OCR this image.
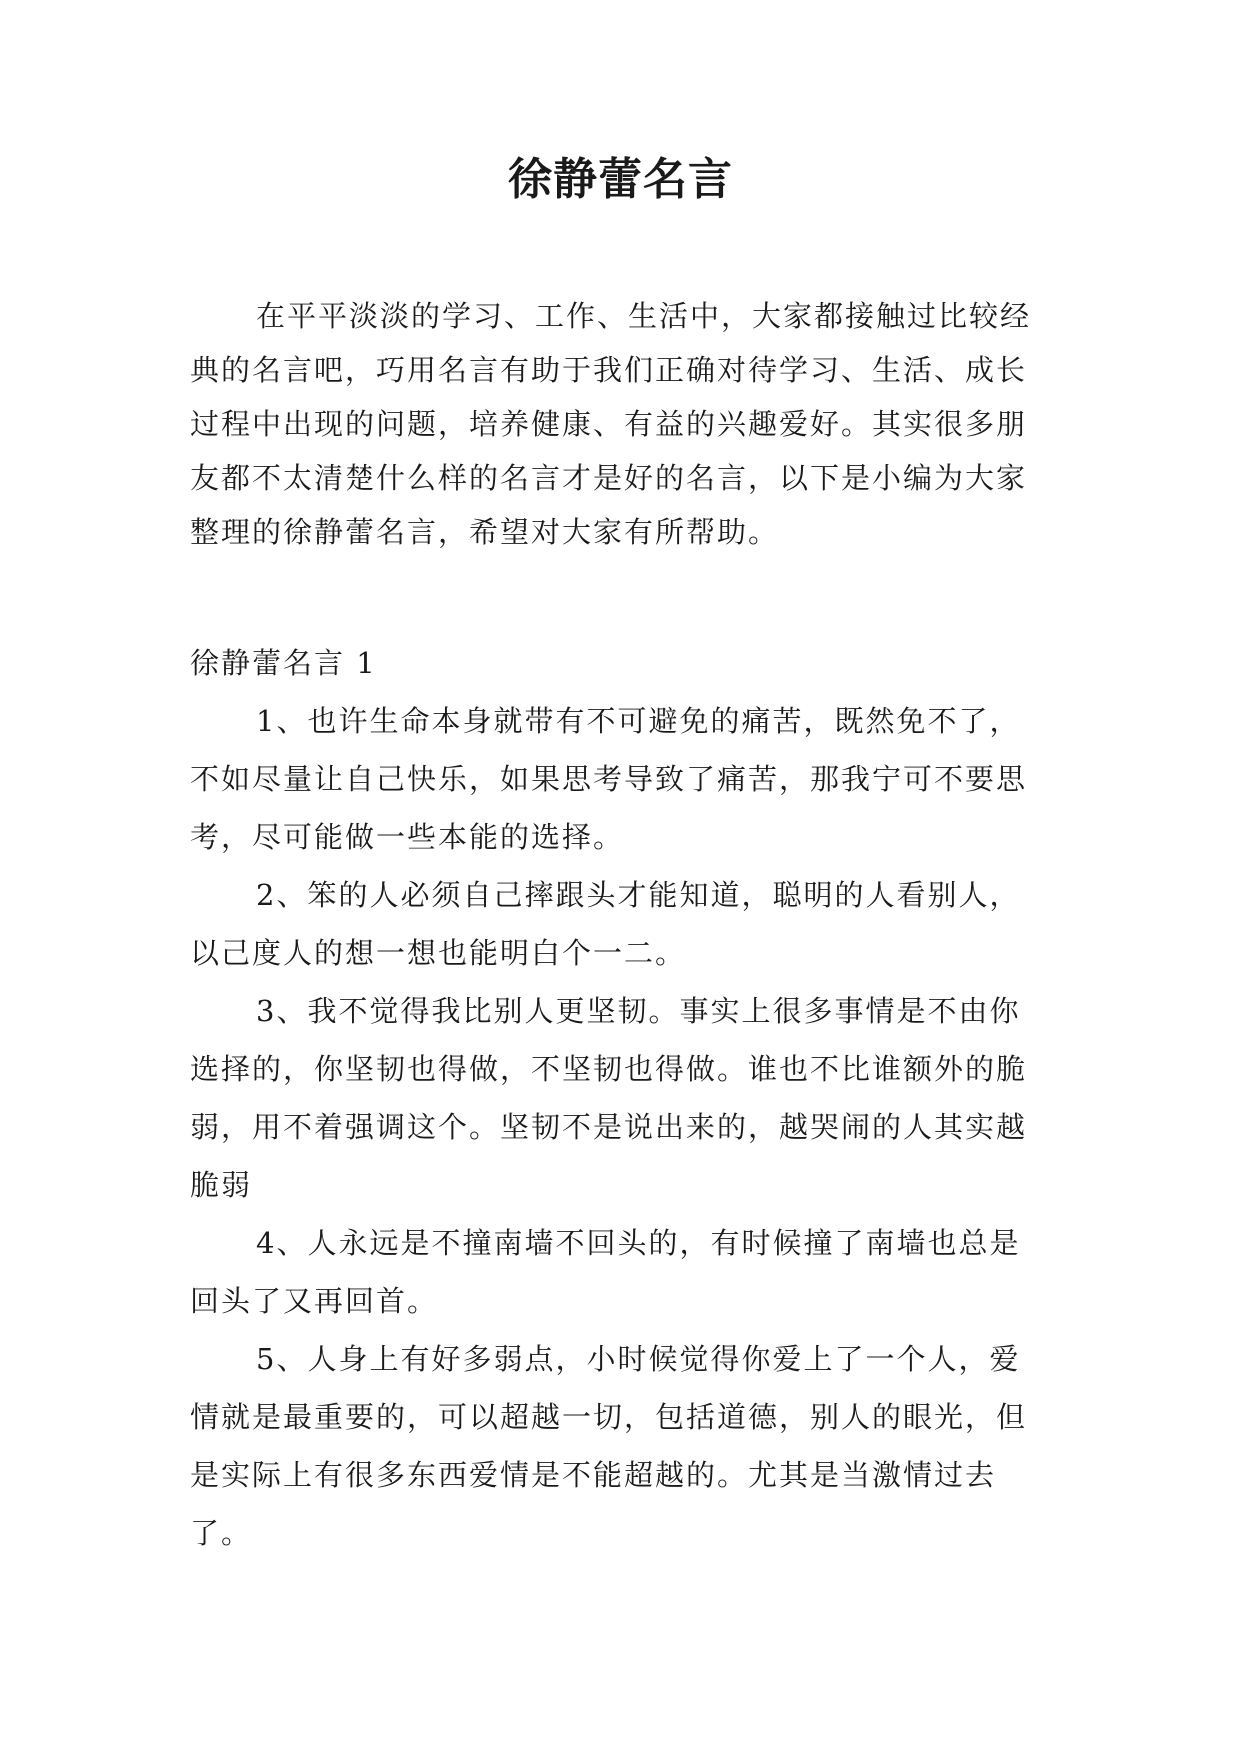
徐静蕾名言

在平平淡淡的学习、工作、生活中，大家都接触过比较经典的名言吧，巧用名言有助于我们正确对待学习、生活、成长过程中出现的问题，培养健康、有益的兴趣爱好。其实很多朋友都不太清楚什么样的名言才是好的名言，以下是小编为大家整理的徐静蕾名言，希望对大家有所帮助。

徐静蕾名言 1

1、也许生命本身就带有不可避免的痛苦，既然免不了，不如尽量让自己快乐，如果思考导致了痛苦，那我宁可不要思考，尽可能做一些本能的选择。

2、笨的人必须自己摔跟头才能知道，聪明的人看别人，以己度人的想一想也能明白个一二。

3、我不觉得我比别人更坚韧。事实上很多事情是不由你选择的，你坚韧也得做，不坚韧也得做。谁也不比谁额外的脆弱，用不着强调这个。坚韧不是说出来的，越哭闹的人其实越脆弱

4、人永远是不撞南墙不回头的，有时候撞了南墙也总是回头了又再回首。

5、人身上有好多弱点，小时候觉得你爱上了一个人，爱情就是最重要的，可以超越一切，包括道德，别人的眼光，但是实际上有很多东西爱情是不能超越的。尤其是当激情过去了。
